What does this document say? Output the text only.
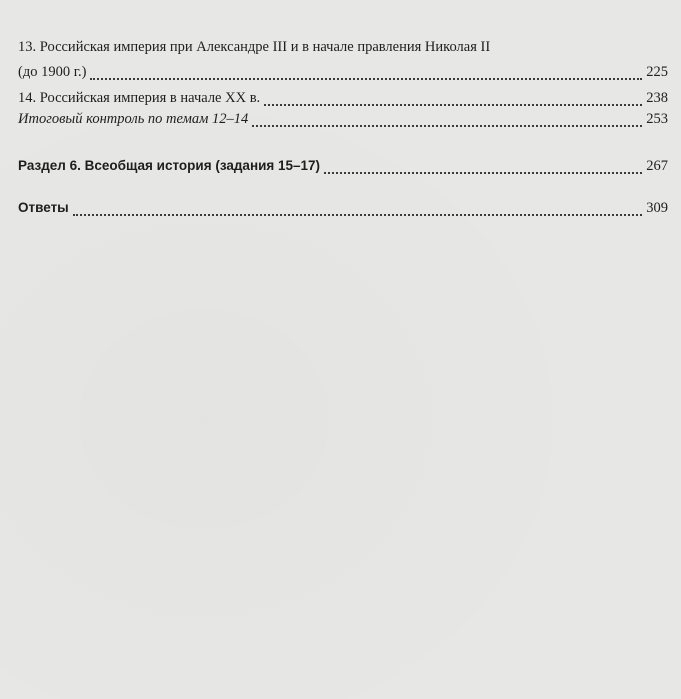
13. Российская империя при Александре III и в начале правления Николая II
(до 1900 г.)	225
14. Российская империя в начале XX в.	238
Итоговый контроль по темам 12–14	253
Раздел 6. Всеобщая история (задания 15–17)	267
Ответы	309
